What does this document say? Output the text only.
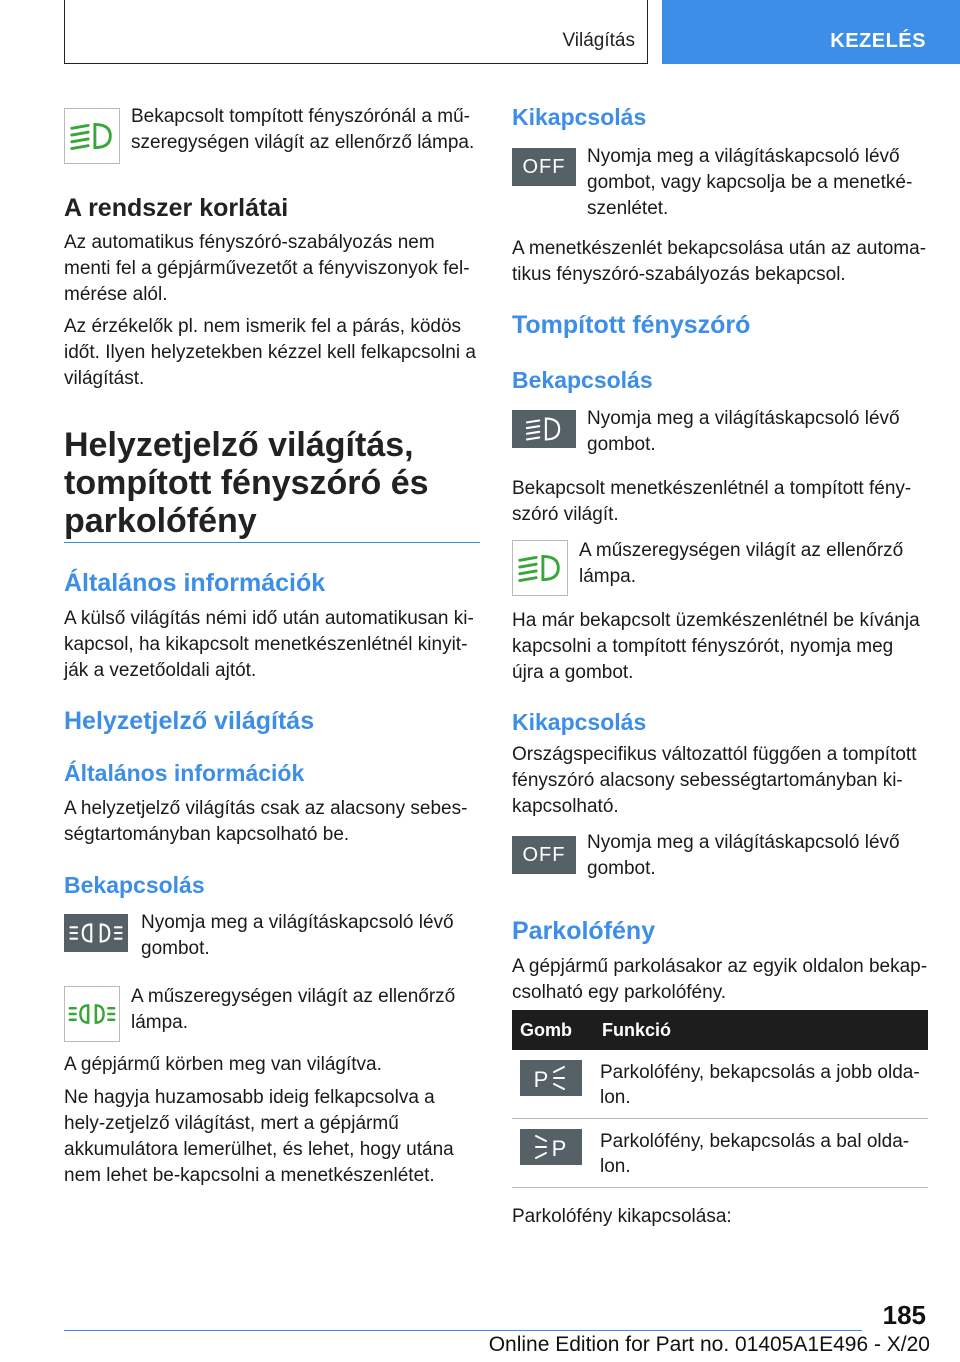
Világítás	KEZELÉS

Bekapcsolt tompított fényszórónál a mű-szeregységen világít az ellenőrző lámpa.

A rendszer korlátai

Az automatikus fényszóró-szabályozás nem menti fel a gépjárművezetőt a fényviszonyok fel-mérése alól.

Az érzékelők pl. nem ismerik fel a párás, ködös időt. Ilyen helyzetekben kézzel kell felkapcsolni a világítást.

Helyzetjelző világítás,
tompított fényszóró és
parkolófény
Általános információk

A külső világítás némi idő után automatikusan ki-kapcsol, ha kikapcsolt menetkészenlétnél kinyit-ják a vezetőoldali ajtót.

Helyzetjelző világítás
Általános információk

A helyzetjelző világítás csak az alacsony sebes-ségtartományban kapcsolható be.

Bekapcsolás

Nyomja meg a világításkapcsoló lévő gombot.

A műszeregységen világít az ellenőrző lámpa.

A gépjármű körben meg van világítva.

Ne hagyja huzamosabb ideig felkapcsolva a hely-zetjelző világítást, mert a gépjármű akkumulátora lemerülhet, és lehet, hogy utána nem lehet be-kapcsolni a menetkészenlétet.

Kikapcsolás
OFF Nyomja meg a világításkapcsoló lévő gombot, vagy kapcsolja be a menetké-szenlétet.

A menetkészenlét bekapcsolása után az automa-tikus fényszóró-szabályozás bekapcsol.

Tompított fényszóró
Bekapcsolás

Nyomja meg a világításkapcsoló lévő gombot.

Bekapcsolt menetkészenlétnél a tompított fény-szóró világít.

A műszeregységen világít az ellenőrző lámpa.

Ha már bekapcsolt üzemkészenlétnél be kívánja kapcsolni a tompított fényszórót, nyomja meg újra a gombot.

Kikapcsolás

Országspecifikus változattól függően a tompított fényszóró alacsony sebességtartományban ki-kapcsolható.

OFF

Nyomja meg a világításkapcsoló lévő gombot.

Parkolófény

A gépjármű parkolásakor az egyik oldalon bekap-csolható egy parkolófény.

Gomb	Funkció

P	Parkolófény, bekapcsolás a jobb olda-lon.

P	Parkolófény, bekapcsolás a bal olda-lon.

Parkolófény kikapcsolása:

185
Online Edition for Part no. 01405A1E496 - X/20
